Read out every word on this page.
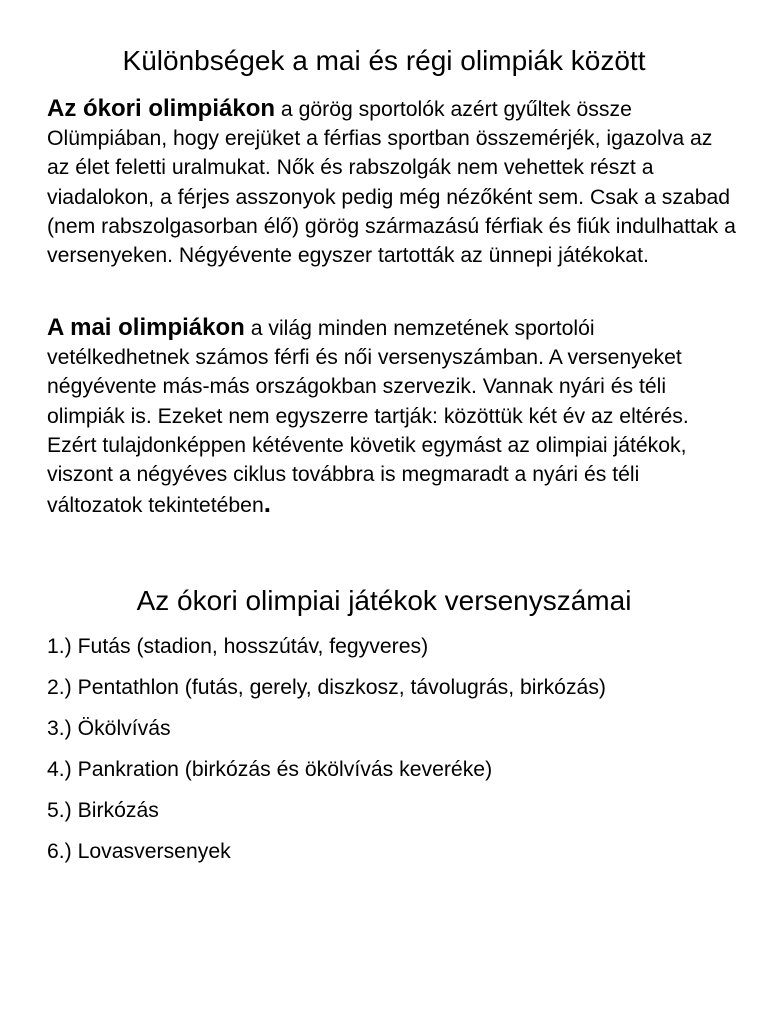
Különbségek a mai és régi olimpiák között

Az ókori olimpiákon a görög sportolók azért gyűltek össze Olümpiában, hogy erejüket a férfias sportban összemérjék, igazolva az az élet feletti uralmukat. Nők és rabszolgák nem vehettek részt a viadalokon, a férjes asszonyok pedig még nézőként sem. Csak a szabad (nem rabszolgasorban élő) görög származású férfiak és fiúk indulhattak a versenyeken. Négyévente egyszer tartották az ünnepi játékokat.

A mai olimpiákon a világ minden nemzetének sportolói vetélkedhetnek számos férfi és női versenyszámban. A versenyeket négyévente más-más országokban szervezik. Vannak nyári és téli olimpiák is. Ezeket nem egyszerre tartják: közöttük két év az eltérés. Ezért tulajdonképpen kétévente követik egymást az olimpiai játékok, viszont a négyéves ciklus továbbra is megmaradt a nyári és téli változatok tekintetében.

Az ókori olimpiai játékok versenyszámai
1.) Futás (stadion, hosszútáv, fegyveres)
2.) Pentathlon (futás, gerely, diszkosz, távolugrás, birkózás)
3.) Ökölvívás
4.) Pankration (birkózás és ökölvívás keveréke)
5.) Birkózás
6.) Lovasversenyek
